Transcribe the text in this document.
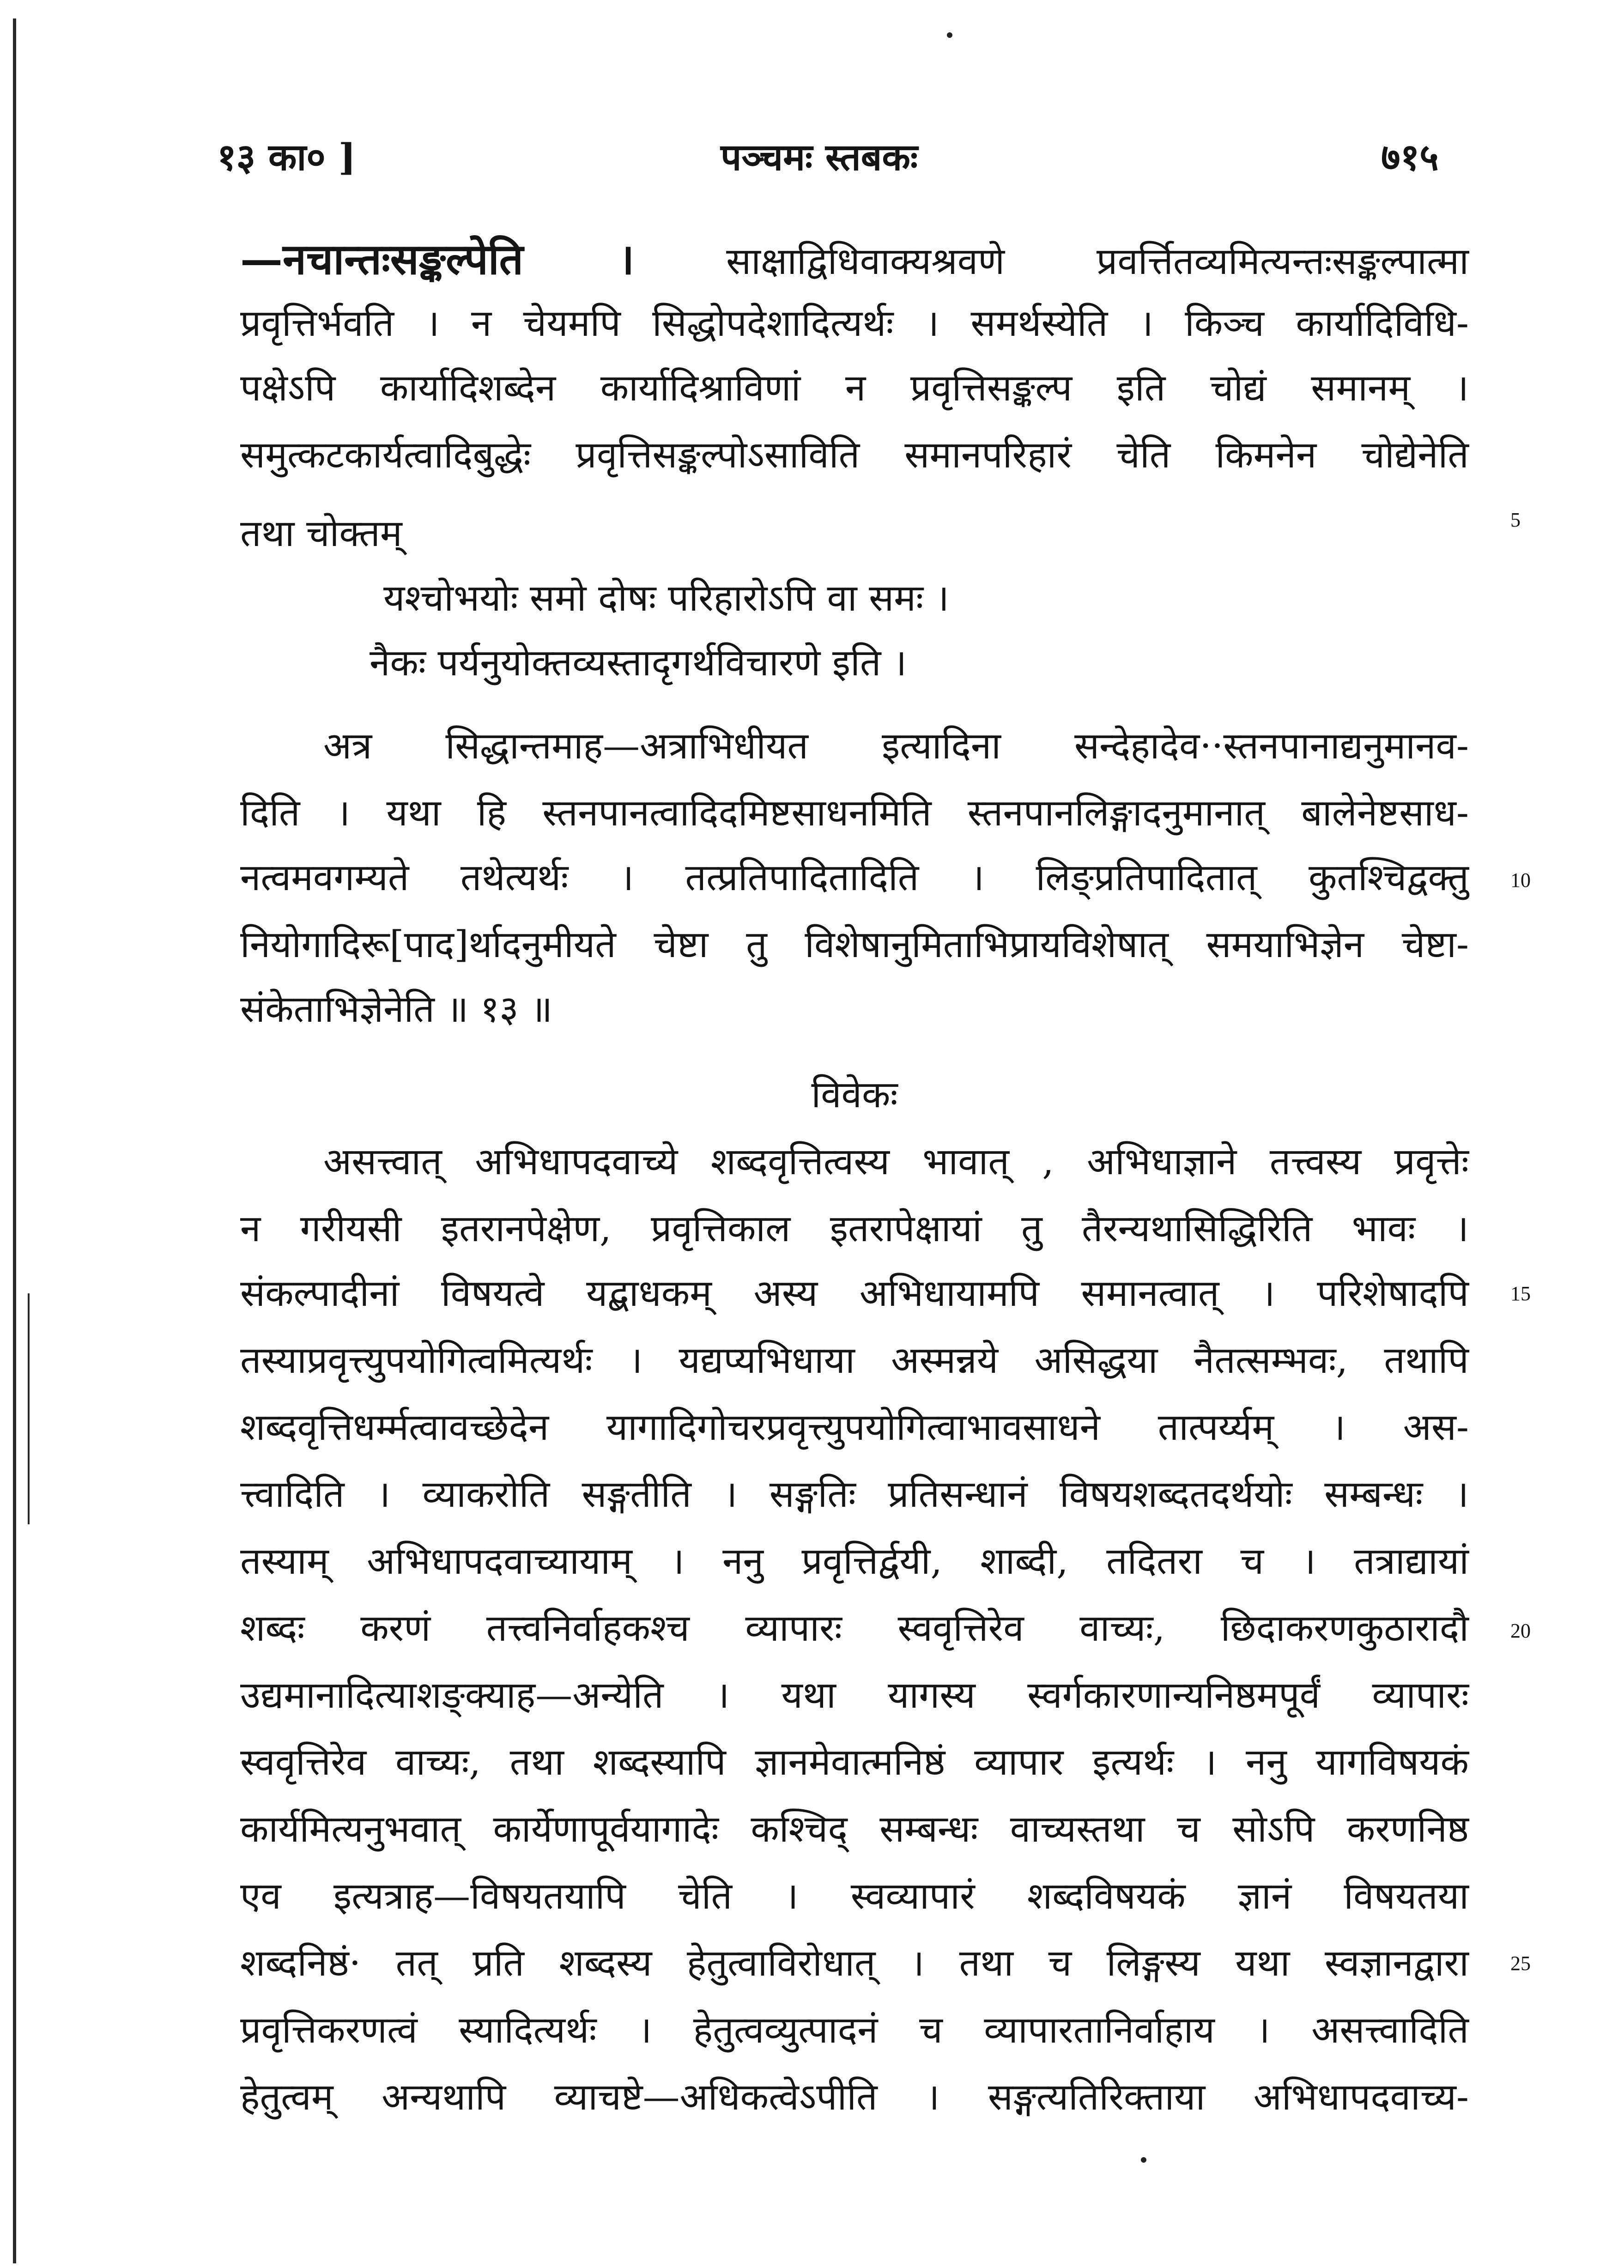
१३ का० ]	पञ्चमः स्तबकः	७१५
—नचान्तःसङ्कल्पेति । साक्षाद्विधिवाक्यश्रवणे प्रवर्त्तितव्यमित्यन्तःसङ्कल्पात्मा
प्रवृत्तिर्भवति । न चेयमपि सिद्धोपदेशादित्यर्थः । समर्थस्येति । किञ्च कार्यादिविधि-
पक्षेऽपि कार्यादिशब्देन कार्यादिश्राविणां न प्रवृत्तिसङ्कल्प इति चोद्यं समानम् ।
समुत्कटकार्यत्वादिबुद्धेः प्रवृत्तिसङ्कल्पोऽसाविति समानपरिहारं चेति किमनेन चोद्येनेति
तथा चोक्तम्	5
यश्चोभयोः समो दोषः परिहारोऽपि वा समः ।
नैकः पर्यनुयोक्तव्यस्तादृगर्थविचारणे इति ।
अत्र सिद्धान्तमाह—अत्राभिधीयत इत्यादिना सन्देहादेव··स्तनपानाद्यनुमानव-
दिति । यथा हि स्तनपानत्वादिदमिष्टसाधनमिति स्तनपानलिङ्गादनुमानात् बालेनेष्टसाध-
नत्वमवगम्यते तथेत्यर्थः । तत्प्रतिपादितादिति । लिङ्प्रतिपादितात् कुतश्चिद्वक्तु 10
नियोगादिरू[पाद]र्थादनुमीयते चेष्टा तु विशेषानुमिताभिप्रायविशेषात् समयाभिज्ञेन चेष्टा-
संकेताभिज्ञेनेति ॥ १३ ॥
विवेकः
असत्त्वात् अभिधापदवाच्ये शब्दवृत्तित्वस्य भावात् , अभिधाज्ञाने तत्त्वस्य प्रवृत्तेः
न गरीयसी इतरानपेक्षेण, प्रवृत्तिकाल इतरापेक्षायां तु तैरन्यथासिद्धिरिति भावः ।
संकल्पादीनां विषयत्वे यद्बाधकम् अस्य अभिधायामपि समानत्वात् । परिशेषादपि 15
तस्याप्रवृत्त्युपयोगित्वमित्यर्थः । यद्यप्यभिधाया अस्मन्नये असिद्धया नैतत्सम्भवः, तथापि
शब्दवृत्तिधर्म्मत्वावच्छेदेन यागादिगोचरप्रवृत्त्युपयोगित्वाभावसाधने तात्पर्य्यम् । अस-
त्त्वादिति । व्याकरोति सङ्गतीति । सङ्गतिः प्रतिसन्धानं विषयशब्दतदर्थयोः सम्बन्धः ।
तस्याम् अभिधापदवाच्यायाम् । ननु प्रवृत्तिर्द्वयी, शाब्दी, तदितरा च । तत्राद्यायां
शब्दः करणं तत्त्वनिर्वाहकश्च व्यापारः स्ववृत्तिरेव वाच्यः, छिदाकरणकुठारादौ 20
उद्यमानादित्याशङ्क्याह—अन्येति । यथा यागस्य स्वर्गकारणान्यनिष्ठमपूर्वं व्यापारः
स्ववृत्तिरेव वाच्यः, तथा शब्दस्यापि ज्ञानमेवात्मनिष्ठं व्यापार इत्यर्थः । ननु यागविषयकं
कार्यमित्यनुभवात् कार्येणापूर्वयागादेः कश्चिद् सम्बन्धः वाच्यस्तथा च सोऽपि करणनिष्ठ
एव इत्यत्राह—विषयतयापि चेति । स्वव्यापारं शब्दविषयकं ज्ञानं विषयतया
शब्दनिष्ठं· तत् प्रति शब्दस्य हेतुत्वाविरोधात् । तथा च लिङ्गस्य यथा स्वज्ञानद्वारा 25
प्रवृत्तिकरणत्वं स्यादित्यर्थः । हेतुत्वव्युत्पादनं च व्यापारतानिर्वाहाय । असत्त्वादिति
हेतुत्वम् अन्यथापि व्याचष्टे—अधिकत्वेऽपीति । सङ्गत्यतिरिक्ताया अभिधापदवाच्य-
